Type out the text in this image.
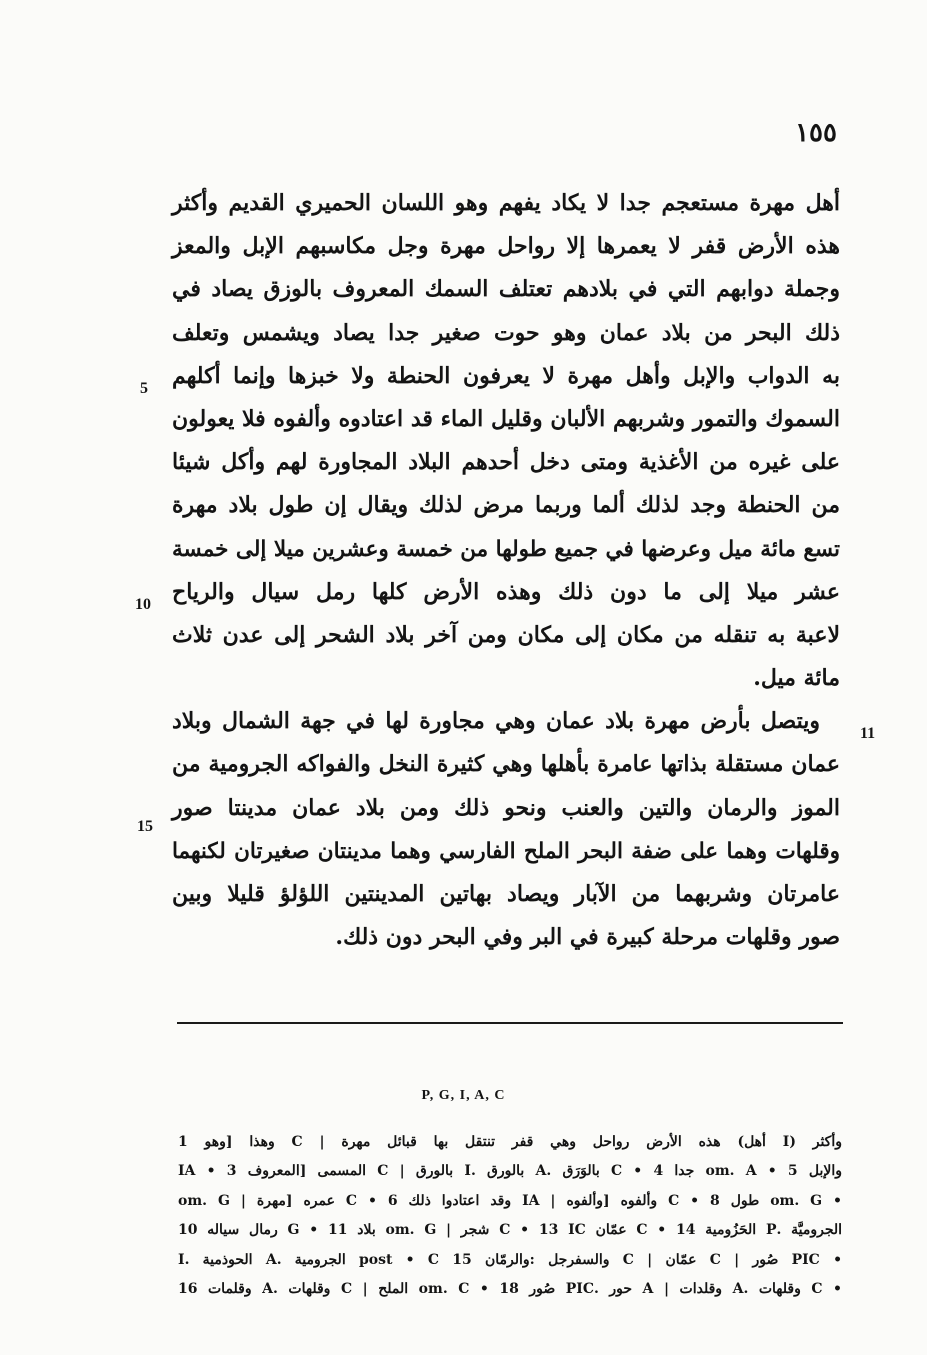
١٥٥
أهل مهرة مستعجم جدا لا يكاد يفهم وهو اللسان الحميري القديم وأكثر
هذه الأرض قفر لا يعمرها إلا رواحل مهرة وجل مكاسبهم الإبل والمعز
وجملة دوابهم التي في بلادهم تعتلف السمك المعروف بالوزق يصاد في
ذلك البحر من بلاد عمان وهو حوت صغير جدا يصاد ويشمس وتعلف
به الدواب والإبل وأهل مهرة لا يعرفون الحنطة ولا خبزها وإنما أكلهم
السموك والتمور وشربهم الألبان وقليل الماء قد اعتادوه وألفوه فلا يعولون
على غيره من الأغذية ومتى دخل أحدهم البلاد المجاورة لهم وأكل شيئا
من الحنطة وجد لذلك ألما وربما مرض لذلك ويقال إن طول بلاد مهرة
تسع مائة ميل وعرضها في جميع طولها من خمسة وعشرين ميلا إلى خمسة
عشر ميلا إلى ما دون ذلك وهذه الأرض كلها رمل سيال والرياح
لاعبة به تنقله من مكان إلى مكان ومن آخر بلاد الشحر إلى عدن ثلاث
مائة ميل.
ويتصل بأرض مهرة بلاد عمان وهي مجاورة لها في جهة الشمال وبلاد
عمان مستقلة بذاتها عامرة بأهلها وهي كثيرة النخل والفواكه الجرومية من
الموز والرمان والتين والعنب ونحو ذلك ومن بلاد عمان مدينتا صور
وقلهات وهما على ضفة البحر الملح الفارسي وهما مدينتان صغيرتان لكنهما
عامرتان وشربهما من الآبار ويصاد بهاتين المدينتين اللؤلؤ قليلا وبين
صور وقلهات مرحلة كبيرة في البر وفي البحر دون ذلك.
5
10
11
15
P, G, I, A, C
وأكثر (I أهل) هذه الأرض رواحل وهي قفر تنتقل بها قبائل مهرة | C وهذا [وهو 1
والإبل om. A • 5 جدا C • 4 بالوَرَق .A بالورق .I بالورق | C المسمى [المعروف IA • 3
• om. G طول C • 8 وألفوه [وألفوه | IA وقد اعتادوا ذلك C • 6 عمره [مهرة | om. G
الجروميَّة .P الحَزُومية C • 14 عمّان C • 13 IC شجر | om. G بلاد G • 11 رمال سياله 10
• PIC صُور | C عمّان | C والسفرجل :والرمّان 15 post • C الجرومية .A الحوذمية .I
• C وقلهات .A وقلدات | A حور .PIC صُور 18 • om. C الملح | C وقلهات .A وقلمات 16
